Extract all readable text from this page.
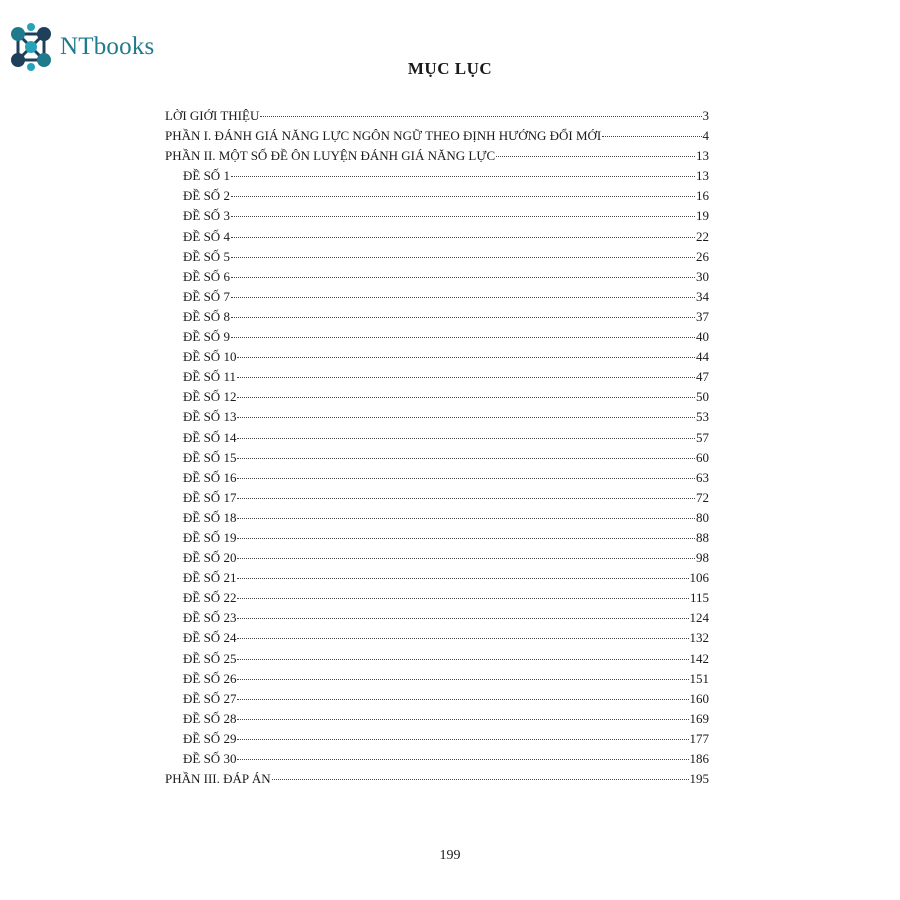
NTbooks
MỤC LỤC
LỜI GIỚI THIỆU	3
PHẦN I. ĐÁNH GIÁ NĂNG LỰC NGÔN NGỮ THEO ĐỊNH HƯỚNG ĐỔI MỚI	4
PHẦN II. MỘT SỐ ĐỀ ÔN LUYỆN ĐÁNH GIÁ NĂNG LỰC	13
ĐỀ SỐ 1	13
ĐỀ SỐ 2	16
ĐỀ SỐ 3	19
ĐỀ SỐ 4	22
ĐỀ SỐ 5	26
ĐỀ SỐ 6	30
ĐỀ SỐ 7	34
ĐỀ SỐ 8	37
ĐỀ SỐ 9	40
ĐỀ SỐ 10	44
ĐỀ SỐ 11	47
ĐỀ SỐ 12	50
ĐỀ SỐ 13	53
ĐỀ SỐ 14	57
ĐỀ SỐ 15	60
ĐỀ SỐ 16	63
ĐỀ SỐ 17	72
ĐỀ SỐ 18	80
ĐỀ SỐ 19	88
ĐỀ SỐ 20	98
ĐỀ SỐ 21	106
ĐỀ SỐ 22	115
ĐỀ SỐ 23	124
ĐỀ SỐ 24	132
ĐỀ SỐ 25	142
ĐỀ SỐ 26	151
ĐỀ SỐ 27	160
ĐỀ SỐ 28	169
ĐỀ SỐ 29	177
ĐỀ SỐ 30	186
PHẦN III. ĐÁP ÁN	195
199
